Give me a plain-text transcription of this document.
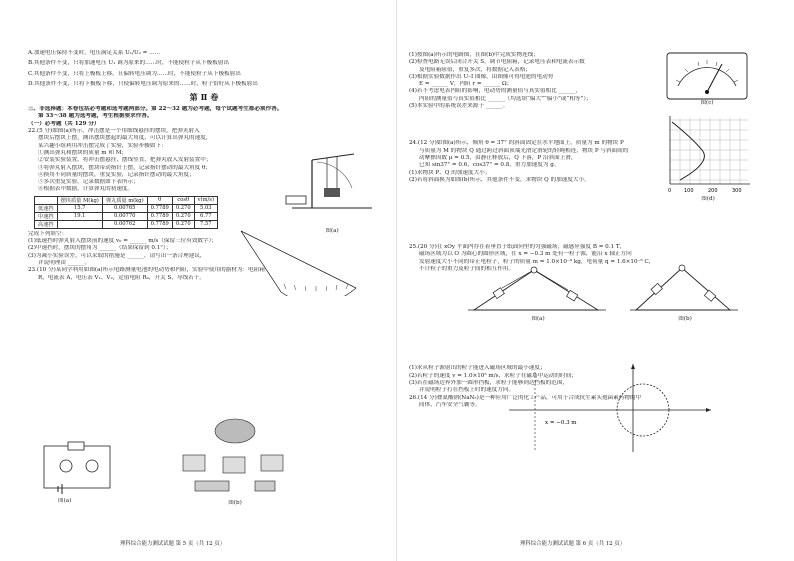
A.加速电压保持不变时，电压满足关系 U₁/U₂ = ……
B.其他条件不变，只将加速电压 U₁ 调为原来的……时，不能使粒子从下极板射出
C.其他条件不变，只将上极板上移，且偏转电压调为……时，不能使粒子从下极板射出
D.其他条件不变，只将下极板下移，只使偏转电压调为原来的……时，粒子恰好从下极板射出
第Ⅱ卷
三、非选择题：本卷包括必考题和选考题两部分。第 22～32 题为必考题，每个试题考生都必须作答。
第 33～38 题为选考题，考生根据要求作答。
（一）必考题（共 129 分）
22.(5 分)如图(a)所示，冲击摆是一个用细线悬挂的摆块，把弹丸射入
摆块后摆块上摆，测出摆块摆起的最大角度，可以计算出弹丸的速度，
某兴趣小组利用冲击摆完成了实验，实验步骤如下：
①测出弹丸和摆块的质量 m 和 M；
②安装实验装置，将冲击摆悬挂，摆线竖直，把弹丸放入发射装置中；
③将弹丸射入摆块，摆块带动指针上摆，记录指针摆动的最大角度 θ；
④换用不同质量的摆块，重复实验，记录指针摆动的最大角度；
⑤多次重复实验，记录数据如下表所示；
⑥根据表中数据，计算弹丸的初速度。
	摆块质量 M(kg)	弹丸质量 m(kg)	θ	cosθ	v(m/s)
低速挡	15.7	0.00765	0.7789	0.270	5.03
中速挡	19.1	0.00770	0.7789	0.270	6.77
高速挡		0.00762	0.7789	0.270	7.57
完成下列填空：
(1)低速挡时弹丸射入摆块前的速度 v₀ = ______ m/s（保留三位有效数字）；
(2)中速挡时，摆块的摆角为 ______（结果保留到 0.1°）；
(3)为减小实验误差，可以采取的措施是 ______，请写出一条合理建议，
并说明理由 ______。
23.(10 分)某同学利用如图(a)所示电路测量电池的电动势和内阻，实验中使用的器材为：电阻箱
R，电流表 A，电压表 V₁、V₂，定值电阻 R₀，开关 S，导线若干。
图(a)
图(a)	图(b)
理科综合能力测试试题 第 5 页（共 12 页）
(1)按图(a)所示的电路图，在图(b)中完成实物连线；
(2)检查电路无误后闭合开关 S，调节电阻箱，记录电压表和电流表示数
及电阻箱阻值，重复多次，将数据记入表格；
(3)根据实验数据作出 U–I 图像，由图像可得电池的电动势
E = ______ V，内阻 r = ______ Ω；
(4)若不考虑电表内阻的影响，电动势的测量值与真实值相比 ______，
内阻的测量值与真实值相比 ______（均选填“偏大”“偏小”或“相等”）；
(5)本实验中的系统误差来源于 ______。
24.(12 分)如图(a)所示，倾角 θ = 37° 的斜面固定在水平地面上，质量为 m 的物块 P
与质量为 M 的物块 Q 通过跨过斜面顶端光滑定滑轮的轻绳相连，物块 P 与斜面间的
动摩擦因数 μ = 0.5，由静止释放后，Q 下落，P 沿斜面上滑，
已知 sin37° = 0.6，cos37° = 0.8，重力加速度为 g。
(1)求物块 P、Q 的加速度大小；
(2)若将斜面换为如图(b)所示，其他条件不变，求物块 Q 的加速度大小。
25.(20 分)在 xOy 平面内存在着垂直于纸面向里的匀强磁场，磁感应强度 B = 0.1 T，
磁场区域为以 O 为圆心的圆形区域，在 x = −0.3 m 处有一粒子源，能沿 x 轴正方向
发射速度大小不同的带正电粒子，粒子的质量 m = 1.0×10⁻⁹ kg，电荷量 q = 1.6×10⁻⁶ C，
不计粒子的重力及粒子间的相互作用。
(1)求从粒子源射出的粒子能进入磁场区域的最小速度；
(2)若粒子的速度 v = 1.0×10⁵ m/s，求粒子在磁场中运动的时间；
(3)若在磁场边界外加一圆形挡板，求粒子能够到达挡板的范围，
并说明粒子打在挡板上时的速度方向。
26.(14 分)叠氮酸钠(NaN₃)是一种应用广泛的化工产品，可用于合成抗生素头孢菌素药物的中
间体，汽车安全气囊等。
图(c)
0	100	200	300
图(d)
图(a)	图(b)
x = −0.3 m
理科综合能力测试试题 第 6 页（共 12 页）
